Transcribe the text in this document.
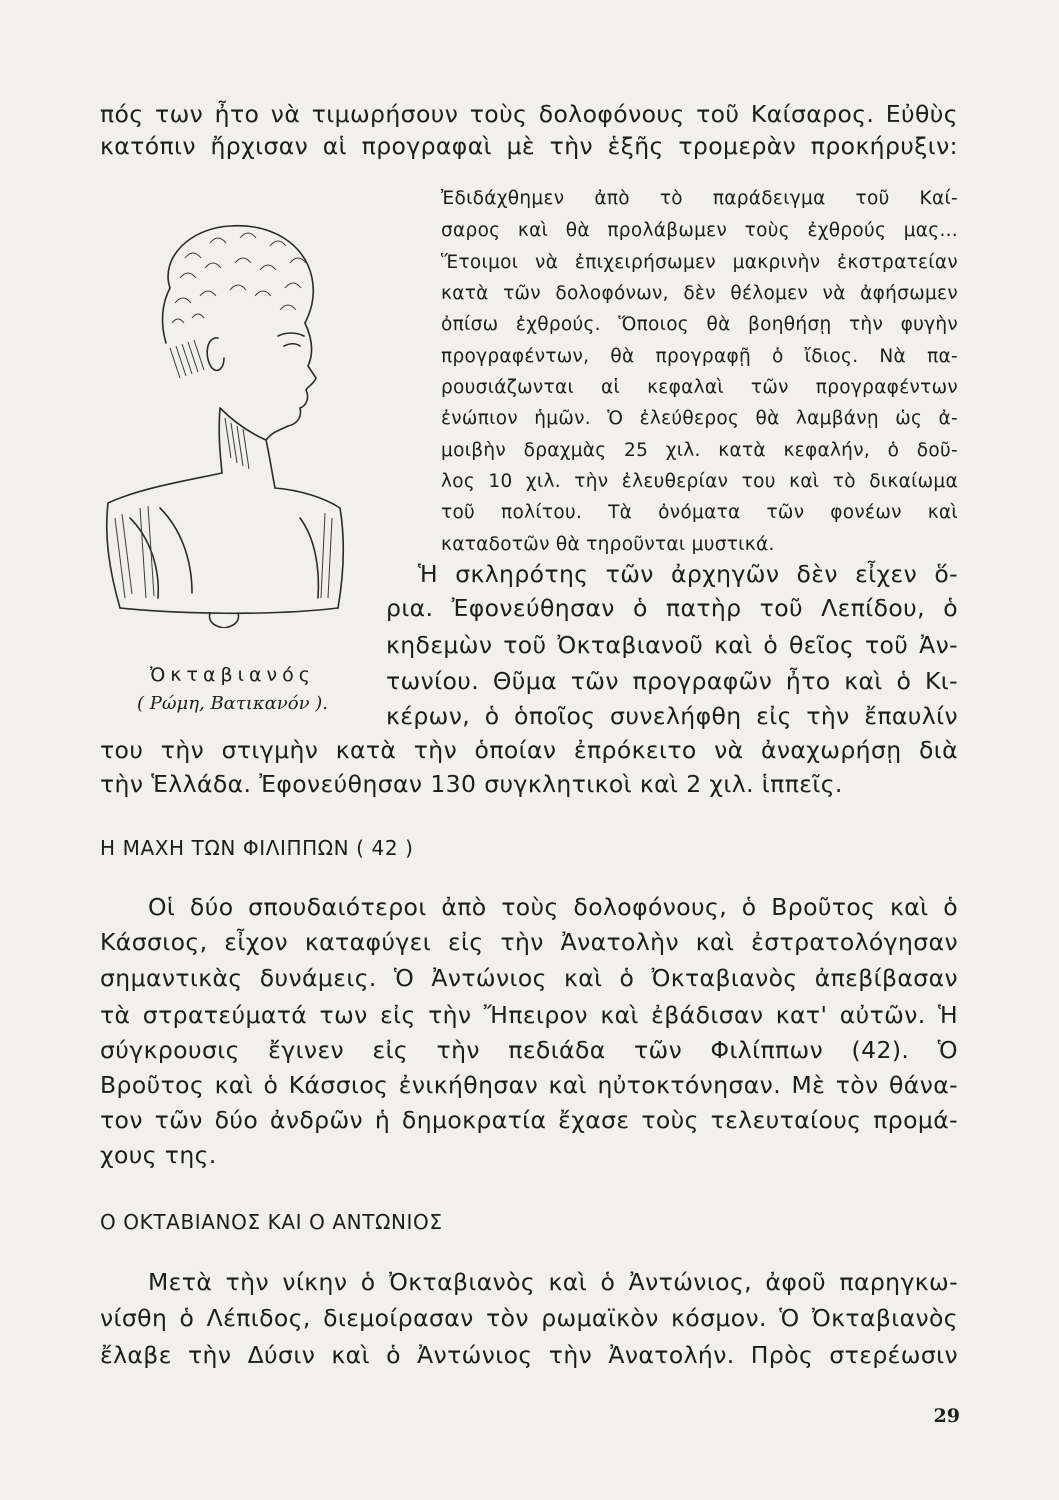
πός των ἦτο νὰ τιμωρήσουν τοὺς δολοφόνους τοῦ Καίσαρος. Εὐθὺς
κατόπιν ἤρχισαν αἱ προγραφαὶ μὲ τὴν ἑξῆς τρομερὰν προκήρυξιν:
Ἐδιδάχθημεν ἀπὸ τὸ παράδειγμα τοῦ Καί-
σαρος καὶ θὰ προλάβωμεν τοὺς ἐχθρούς μας...
Ἕτοιμοι νὰ ἐπιχειρήσωμεν μακρινὴν ἐκστρατείαν
κατὰ τῶν δολοφόνων, δὲν θέλομεν νὰ ἀφήσωμεν
ὀπίσω ἐχθρούς. Ὅποιος θὰ βοηθήσῃ τὴν φυγὴν
προγραφέντων, θὰ προγραφῇ ὁ ἴδιος. Νὰ πα-
ρουσιάζωνται αἱ κεφαλαὶ τῶν προγραφέντων
ἐνώπιον ἡμῶν. Ὁ ἐλεύθερος θὰ λαμβάνῃ ὡς ἀ-
μοιβὴν δραχμὰς 25 χιλ. κατὰ κεφαλήν, ὁ δοῦ-
λος 10 χιλ. τὴν ἐλευθερίαν του καὶ τὸ δικαίωμα
τοῦ πολίτου. Τὰ ὀνόματα τῶν φονέων καὶ
καταδοτῶν θὰ τηροῦνται μυστικά.
Ὀκταβιανός
( Ρώμη, Βατικανόν ).
Ἡ σκληρότης τῶν ἀρχηγῶν δὲν εἶχεν ὅ-
ρια. Ἐφονεύθησαν ὁ πατὴρ τοῦ Λεπίδου, ὁ
κηδεμὼν τοῦ Ὀκταβιανοῦ καὶ ὁ θεῖος τοῦ Ἀν-
τωνίου. Θῦμα τῶν προγραφῶν ἦτο καὶ ὁ Κι-
κέρων, ὁ ὁποῖος συνελήφθη εἰς τὴν ἔπαυλίν
του τὴν στιγμὴν κατὰ τὴν ὁποίαν ἐπρόκειτο νὰ ἀναχωρήσῃ διὰ
τὴν Ἑλλάδα. Ἐφονεύθησαν 130 συγκλητικοὶ καὶ 2 χιλ. ἱππεῖς.
Η ΜΑΧΗ ΤΩΝ ΦΙΛΙΠΠΩΝ ( 42 )
Οἱ δύο σπουδαιότεροι ἀπὸ τοὺς δολοφόνους, ὁ Βροῦτος καὶ ὁ
Κάσσιος, εἶχον καταφύγει εἰς τὴν Ἀνατολὴν καὶ ἐστρατολόγησαν
σημαντικὰς δυνάμεις. Ὁ Ἀντώνιος καὶ ὁ Ὀκταβιανὸς ἀπεβίβασαν
τὰ στρατεύματά των εἰς τὴν Ἤπειρον καὶ ἐβάδισαν κατ' αὐτῶν. Ἡ
σύγκρουσις ἔγινεν εἰς τὴν πεδιάδα τῶν Φιλίππων (42). Ὁ
Βροῦτος καὶ ὁ Κάσσιος ἐνικήθησαν καὶ ηὐτοκτόνησαν. Μὲ τὸν θάνα-
τον τῶν δύο ἀνδρῶν ἡ δημοκρατία ἔχασε τοὺς τελευταίους προμά-
χους της.
Ο ΟΚΤΑΒΙΑΝΟΣ ΚΑΙ Ο ΑΝΤΩΝΙΟΣ
Μετὰ τὴν νίκην ὁ Ὀκταβιανὸς καὶ ὁ Ἀντώνιος, ἀφοῦ παρηγκω-
νίσθη ὁ Λέπιδος, διεμοίρασαν τὸν ρωμαϊκὸν κόσμον. Ὁ Ὀκταβιανὸς
ἔλαβε τὴν Δύσιν καὶ ὁ Ἀντώνιος τὴν Ἀνατολήν. Πρὸς στερέωσιν
29
